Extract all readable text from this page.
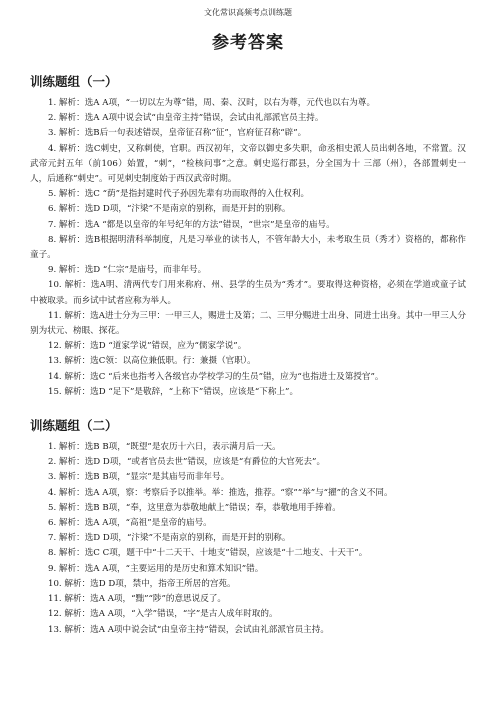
文化常识高频考点训练题
参考答案
训练题组（一）
1. 解析：选A A项，“一切以左为尊”错，周、秦、汉时，以右为尊，元代也以右为尊。
2. 解析：选A A项中说会试“由皇帝主持”错误，会试由礼部派官员主持。
3. 解析：选B后一句表述错误，皇帝征召称“征”，官府征召称“辟”。
4. 解析：选C刺史，又称刺使，官职。西汉初年，文帝以御史多失职，命丞相史派人员出刺各地，不常置。汉武帝元封五年（前106）始置，“刺”，“检核问事”之意。刺史巡行郡县，分全国为十 三部（州），各部置刺史一人，后通称“刺史”。可见刺史制度始于西汉武帝时期。
5. 解析：选C “荫”是指封建时代子孙因先辈有功而取得的入仕权利。
6. 解析：选D D项，“汴梁”不是南京的别称，而是开封的别称。
7. 解析：选A “都是以皇帝的年号纪年的方法”错误，“世宗”是皇帝的庙号。
8. 解析：选B根据明清科举制度，凡是习举业的读书人，不管年龄大小，未考取生员（秀才）资格的，都称作童子。
9. 解析：选D “仁宗”是庙号，而非年号。
10. 解析：选A明、清两代专门用来称府、州、县学的生员为“秀才”。要取得这种资格，必须在学道或童子试中被取录。而乡试中试者应称为举人。
11. 解析：选A进士分为三甲：一甲三人，赐进士及第；二、三甲分赐进士出身、同进士出身。其中一甲三人分别为状元、榜眼、探花。
12. 解析：选D “道家学说”错误，应为“儒家学说”。
13. 解析：选C领：以高位兼低职。行：兼摄（官职）。
14. 解析：选C “后来也指考入各级官办学校学习的生员”错，应为“也指进士及第授官”。
15. 解析：选D “足下”是敬辞，“上称下”错误，应该是“下称上”。
训练题组（二）
1. 解析：选B B项，“既望”是农历十六日，表示满月后一天。
2. 解析：选D D项，“或者官员去世”错误，应该是“有爵位的大官死去”。
3. 解析：选B B项，“显宗”是其庙号而非年号。
4. 解析：选A A项，察：考察后予以推举。举：推选，推荐。“察”“举”与“擢”的含义不同。
5. 解析：选B B项，“奉，这里意为恭敬地献上”错误；奉，恭敬地用手捧着。
6. 解析：选A A项，“高祖”是皇帝的庙号。
7. 解析：选D D项，“汴梁”不是南京的别称，而是开封的别称。
8. 解析：选C C项，题干中“十二天干、十地支”错误，应该是“十二地支、十天干”。
9. 解析：选A A项，“主要运用的是历史和算术知识”错。
10. 解析：选D D项，禁中，指帝王所居的宫苑。
11. 解析：选A A项，“黜”“陟”的意思说反了。
12. 解析：选A A项，“入学”错误，“字”是古人成年时取的。
13. 解析：选A A项中说会试“由皇帝主持”错误，会试由礼部派官员主持。
